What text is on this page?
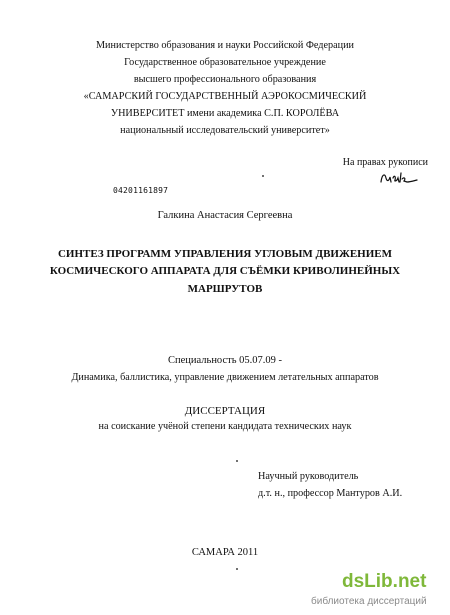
Министерство образования и науки Российской Федерации
Государственное образовательное учреждение
высшего профессионального образования
«САМАРСКИЙ ГОСУДАРСТВЕННЫЙ АЭРОКОСМИЧЕСКИЙ
УНИВЕРСИТЕТ имени академика С.П. КОРОЛЁВА
национальный исследовательский университет»
На правах рукописи
04201161897
Галкина Анастасия Сергеевна
СИНТЕЗ ПРОГРАММ УПРАВЛЕНИЯ УГЛОВЫМ ДВИЖЕНИЕМ
КОСМИЧЕСКОГО АППАРАТА ДЛЯ СЪЁМКИ КРИВОЛИНЕЙНЫХ
МАРШРУТОВ
Специальность 05.07.09 -
Динамика, баллистика, управление движением летательных аппаратов
ДИССЕРТАЦИЯ
на соискание учёной степени кандидата технических наук
Научный руководитель
д.т. н., профессор Мантуров А.И.
САМАРА 2011
dsLib.net
библиотека диссертаций
